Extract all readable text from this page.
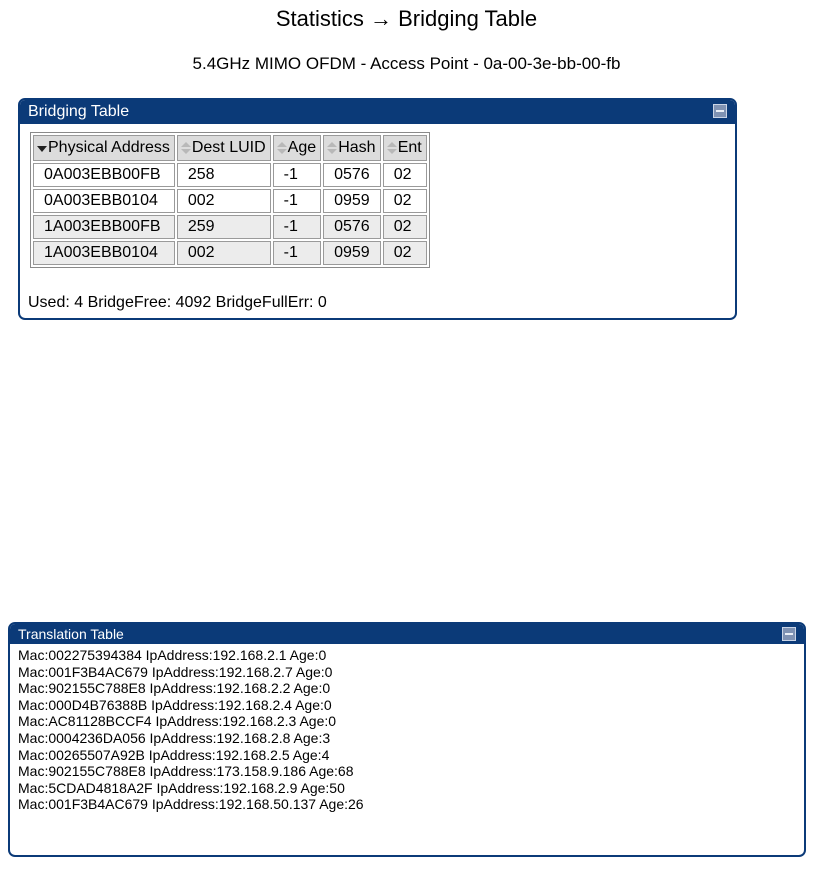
Statistics → Bridging Table
5.4GHz MIMO OFDM - Access Point - 0a-00-3e-bb-00-fb
Bridging Table
Physical Address	Dest LUID	Age	Hash	Ent
0A003EBB00FB	258	-1	0576	02
0A003EBB0104	002	-1	0959	02
1A003EBB00FB	259	-1	0576	02
1A003EBB0104	002	-1	0959	02
Used: 4 BridgeFree: 4092 BridgeFullErr: 0
Translation Table
Mac:002275394384 IpAddress:192.168.2.1 Age:0
Mac:001F3B4AC679 IpAddress:192.168.2.7 Age:0
Mac:902155C788E8 IpAddress:192.168.2.2 Age:0
Mac:000D4B76388B IpAddress:192.168.2.4 Age:0
Mac:AC81128BCCF4 IpAddress:192.168.2.3 Age:0
Mac:0004236DA056 IpAddress:192.168.2.8 Age:3
Mac:00265507A92B IpAddress:192.168.2.5 Age:4
Mac:902155C788E8 IpAddress:173.158.9.186 Age:68
Mac:5CDAD4818A2F IpAddress:192.168.2.9 Age:50
Mac:001F3B4AC679 IpAddress:192.168.50.137 Age:26
